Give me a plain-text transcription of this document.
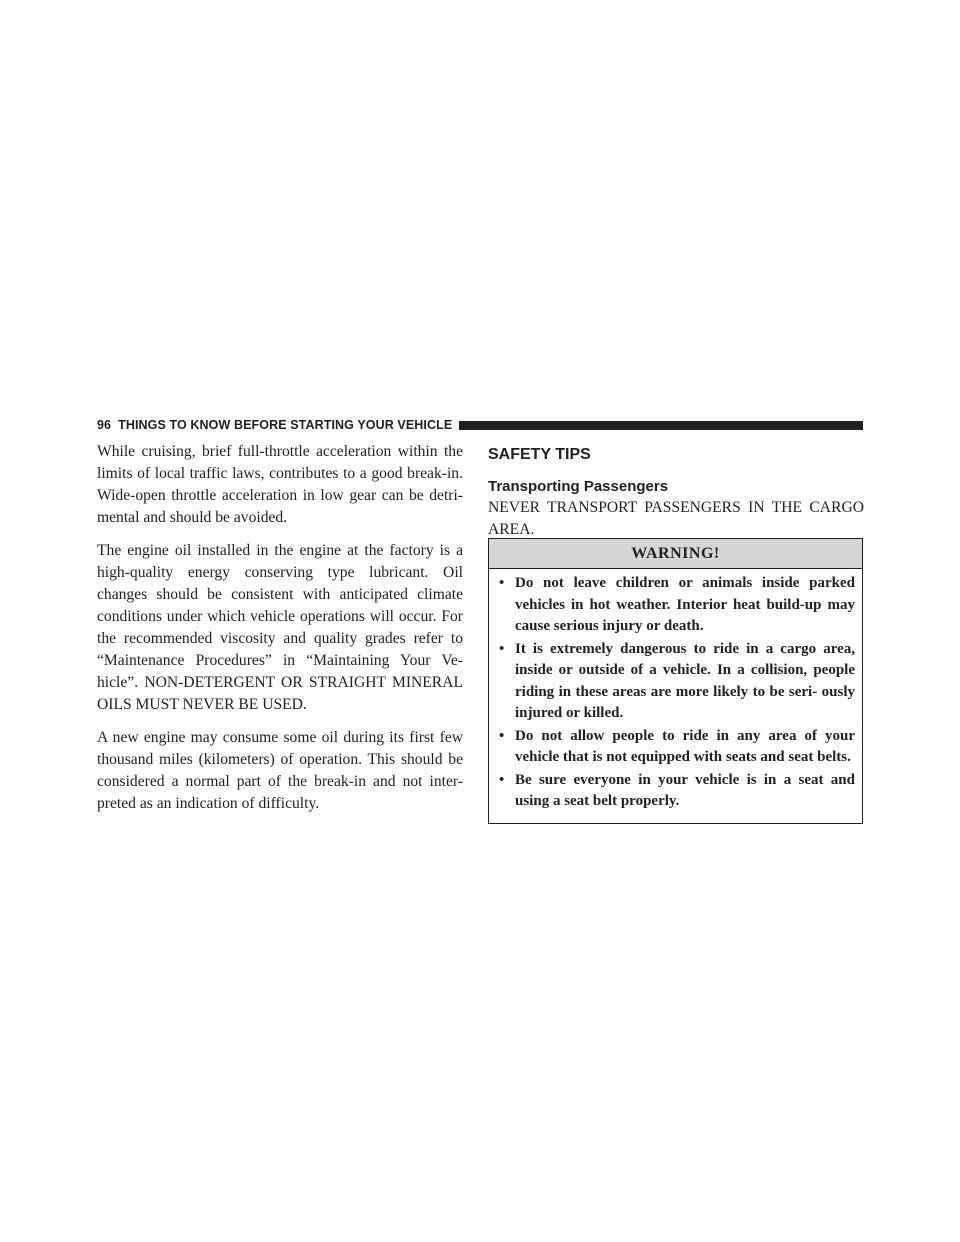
96 THINGS TO KNOW BEFORE STARTING YOUR VEHICLE

While cruising, brief full-throttle acceleration within the limits of local traffic laws, contributes to a good break-in. Wide-open throttle acceleration in low gear can be detri- mental and should be avoided.

The engine oil installed in the engine at the factory is a high-quality energy conserving type lubricant. Oil changes should be consistent with anticipated climate conditions under which vehicle operations will occur. For the recommended viscosity and quality grades refer to “Maintenance Procedures” in “Maintaining Your Ve- hicle”. NON-DETERGENT OR STRAIGHT MINERAL OILS MUST NEVER BE USED.

A new engine may consume some oil during its first few thousand miles (kilometers) of operation. This should be considered a normal part of the break-in and not inter- preted as an indication of difficulty.

SAFETY TIPS
Transporting Passengers

NEVER TRANSPORT PASSENGERS IN THE CARGO AREA.

WARNING!
• Do not leave children or animals inside parked vehicles in hot weather. Interior heat build-up may cause serious injury or death.
• It is extremely dangerous to ride in a cargo area, inside or outside of a vehicle. In a collision, people riding in these areas are more likely to be seri- ously injured or killed.
• Do not allow people to ride in any area of your vehicle that is not equipped with seats and seat belts.
• Be sure everyone in your vehicle is in a seat and using a seat belt properly.
